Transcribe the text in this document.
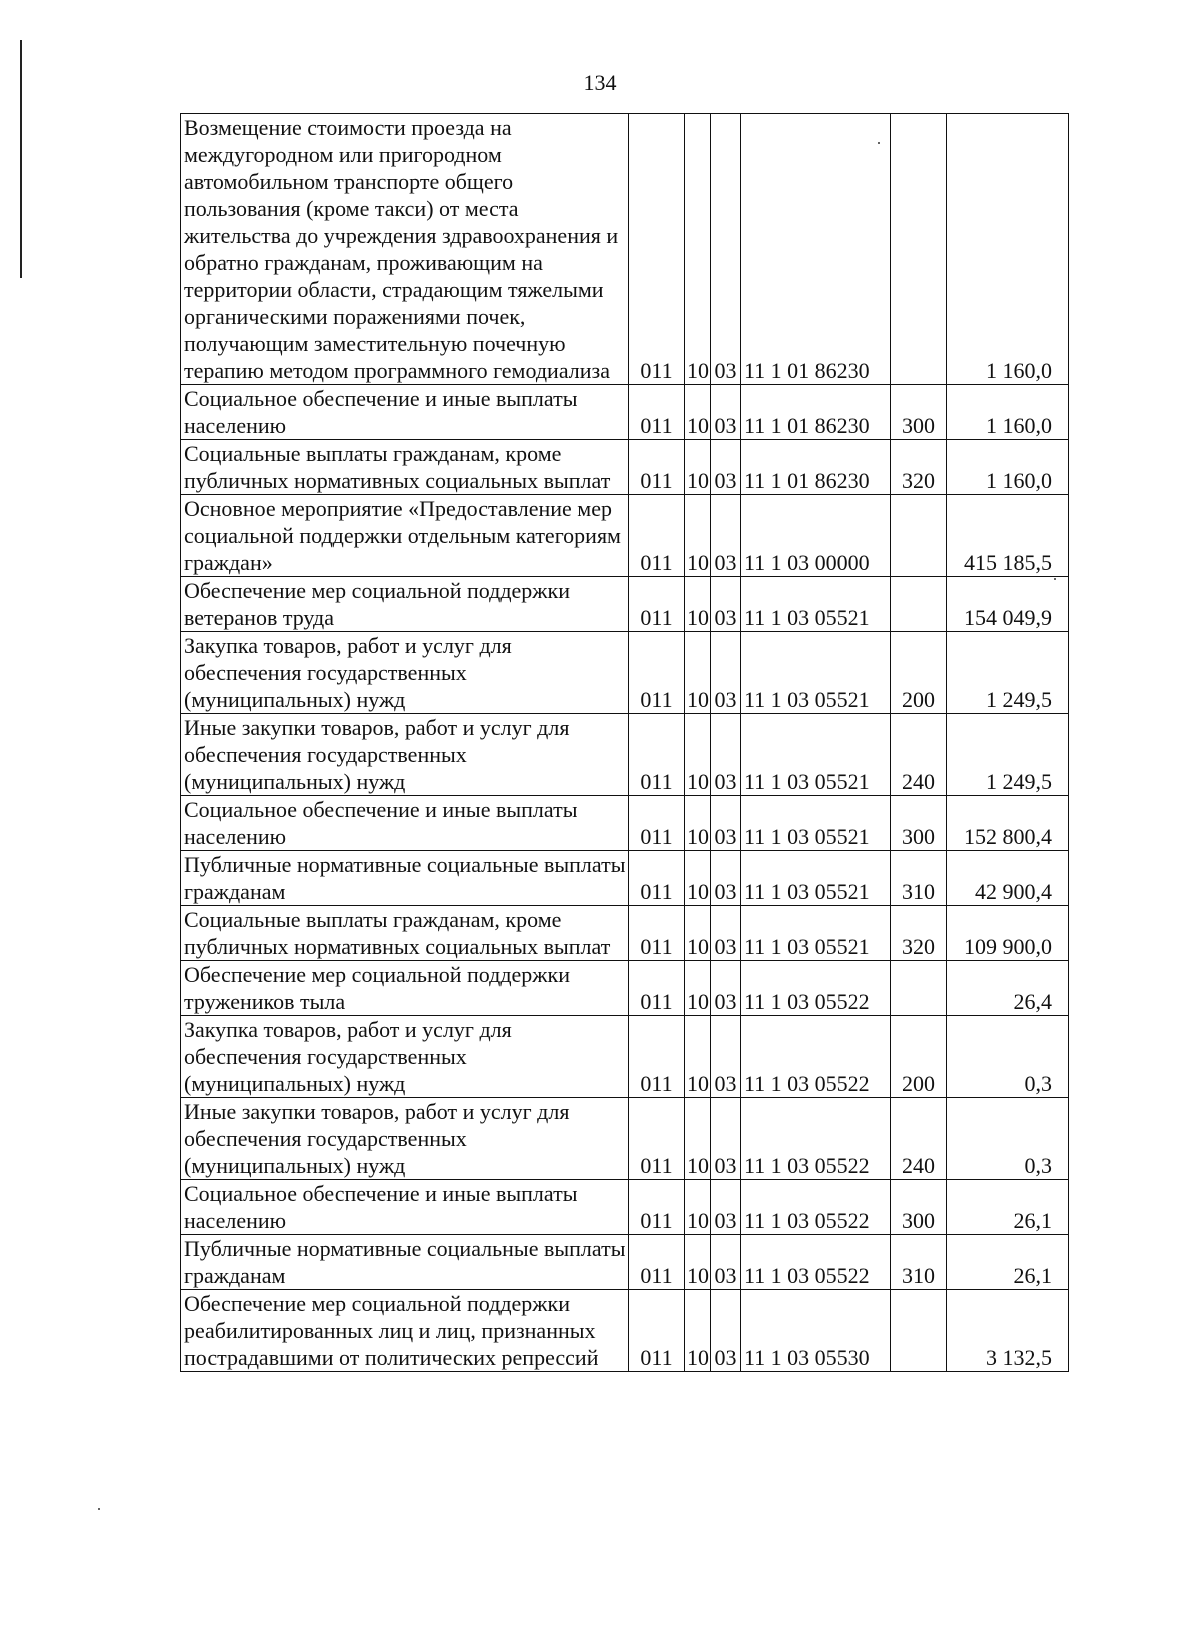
134
Возмещение стоимости проезда на междугородном или пригородном автомобильном транспорте общего пользования (кроме такси) от места жительства до учреждения здравоохранения и обратно гражданам, проживающим на территории области, страдающим тяжелыми органическими поражениями почек, получающим заместительную почечную терапию методом программного гемодиализа	011	10	03	11 1 01 86230		1 160,0
Социальное обеспечение и иные выплаты населению	011	10	03	11 1 01 86230	300	1 160,0
Социальные выплаты гражданам, кроме публичных нормативных социальных выплат	011	10	03	11 1 01 86230	320	1 160,0
Основное мероприятие «Предоставление мер социальной поддержки отдельным категориям граждан»	011	10	03	11 1 03 00000		415 185,5
Обеспечение мер социальной поддержки ветеранов труда	011	10	03	11 1 03 05521		154 049,9
Закупка товаров, работ и услуг для обеспечения государственных (муниципальных) нужд	011	10	03	11 1 03 05521	200	1 249,5
Иные закупки товаров, работ и услуг для обеспечения государственных (муниципальных) нужд	011	10	03	11 1 03 05521	240	1 249,5
Социальное обеспечение и иные выплаты населению	011	10	03	11 1 03 05521	300	152 800,4
Публичные нормативные социальные выплаты гражданам	011	10	03	11 1 03 05521	310	42 900,4
Социальные выплаты гражданам, кроме публичных нормативных социальных выплат	011	10	03	11 1 03 05521	320	109 900,0
Обеспечение мер социальной поддержки тружеников тыла	011	10	03	11 1 03 05522		26,4
Закупка товаров, работ и услуг для обеспечения государственных (муниципальных) нужд	011	10	03	11 1 03 05522	200	0,3
Иные закупки товаров, работ и услуг для обеспечения государственных (муниципальных) нужд	011	10	03	11 1 03 05522	240	0,3
Социальное обеспечение и иные выплаты населению	011	10	03	11 1 03 05522	300	26,1
Публичные нормативные социальные выплаты гражданам	011	10	03	11 1 03 05522	310	26,1
Обеспечение мер социальной поддержки реабилитированных лиц и лиц, признанных пострадавшими от политических репрессий	011	10	03	11 1 03 05530		3 132,5
